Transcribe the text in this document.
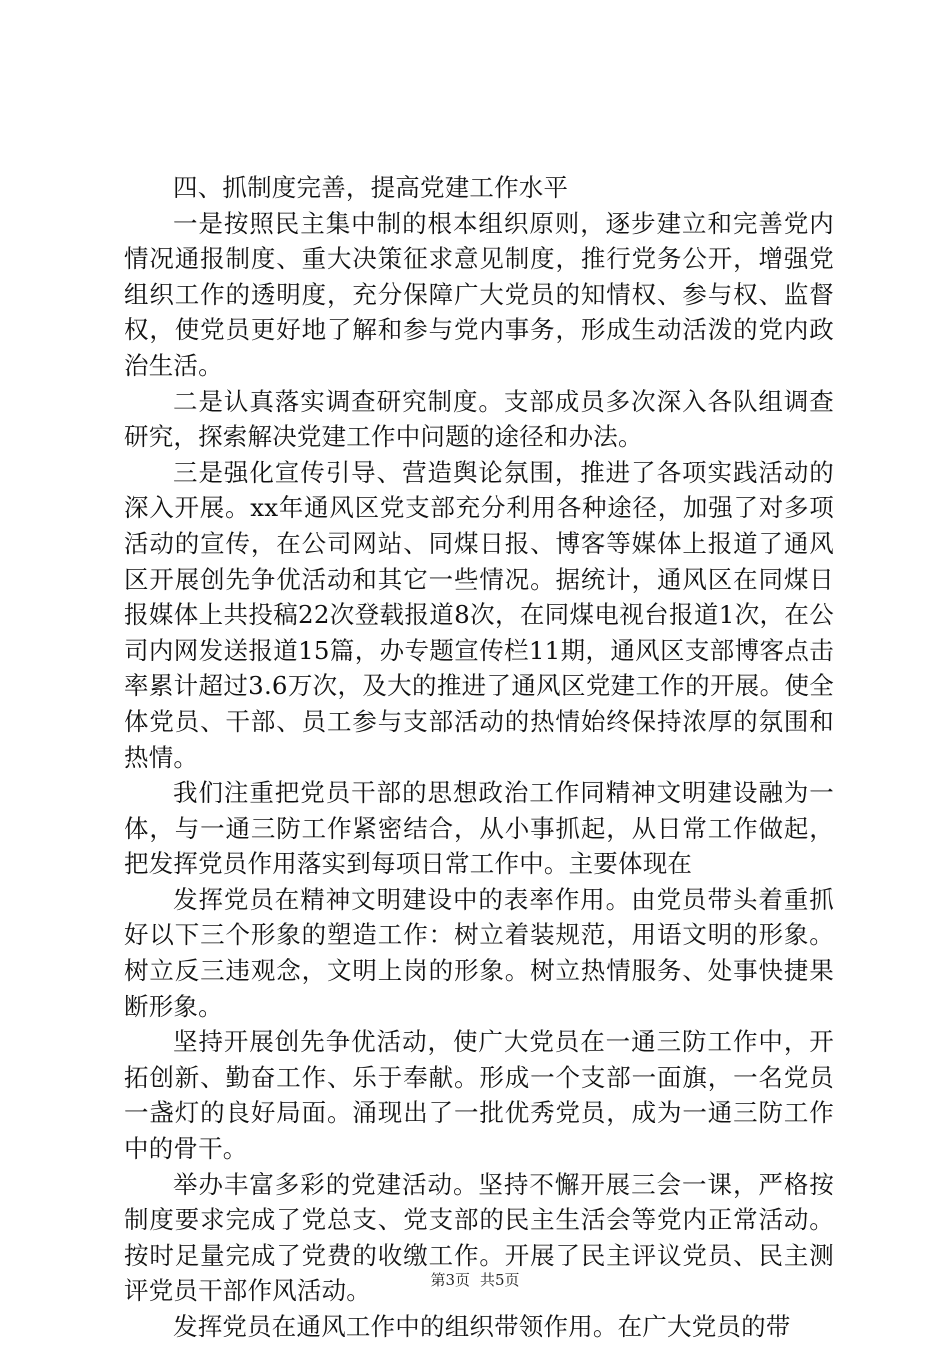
四、抓制度完善，提高党建工作水平

一是按照民主集中制的根本组织原则，逐步建立和完善党内情况通报制度、重大决策征求意见制度，推行党务公开，增强党组织工作的透明度，充分保障广大党员的知情权、参与权、监督权，使党员更好地了解和参与党内事务，形成生动活泼的党内政治生活。

二是认真落实调查研究制度。支部成员多次深入各队组调查研究，探索解决党建工作中问题的途径和办法。

三是强化宣传引导、营造舆论氛围，推进了各项实践活动的深入开展。xx年通风区党支部充分利用各种途径，加强了对多项活动的宣传，在公司网站、同煤日报、博客等媒体上报道了通风区开展创先争优活动和其它一些情况。据统计，通风区在同煤日报媒体上共投稿22次登载报道8次，在同煤电视台报道1次，在公司内网发送报道15篇，办专题宣传栏11期，通风区支部博客点击率累计超过3.6万次，及大的推进了通风区党建工作的开展。使全体党员、干部、员工参与支部活动的热情始终保持浓厚的氛围和热情。

我们注重把党员干部的思想政治工作同精神文明建设融为一体，与一通三防工作紧密结合，从小事抓起，从日常工作做起，把发挥党员作用落实到每项日常工作中。主要体现在

发挥党员在精神文明建设中的表率作用。由党员带头着重抓好以下三个形象的塑造工作：树立着装规范，用语文明的形象。树立反三违观念，文明上岗的形象。树立热情服务、处事快捷果断形象。

坚持开展创先争优活动，使广大党员在一通三防工作中，开拓创新、勤奋工作、乐于奉献。形成一个支部一面旗，一名党员一盏灯的良好局面。涌现出了一批优秀党员，成为一通三防工作中的骨干。

举办丰富多彩的党建活动。坚持不懈开展三会一课，严格按制度要求完成了党总支、党支部的民主生活会等党内正常活动。按时足量完成了党费的收缴工作。开展了民主评议党员、民主测评党员干部作风活动。

发挥党员在通风工作中的组织带领作用。在广大党员的带

第3页 共5页
